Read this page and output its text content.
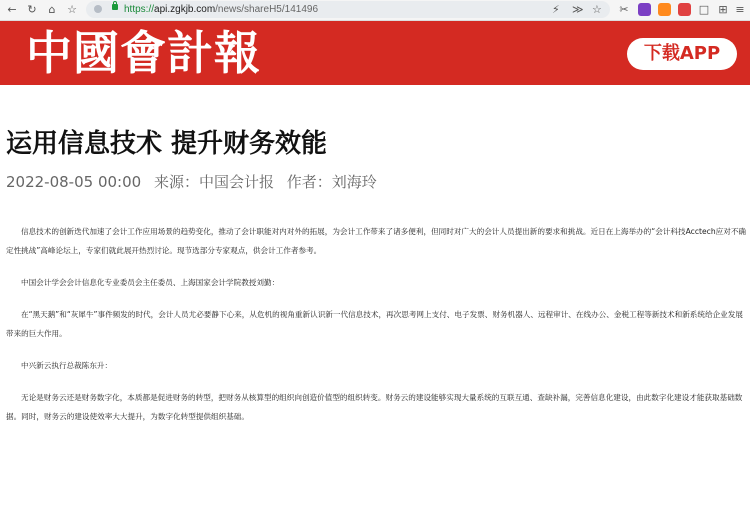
← ↻	⌂	☆	https://api.zgkjb.com/news/shareH5/141496	⚡ ≫ ☆ ✂	□ ⊞ ≡
中國會計報	下载APP
运用信息技术 提升财务效能
2022-08-05 00:00 来源：中国会计报 作者：刘海玲

信息技术的创新迭代加速了会计工作应用场景的趋势变化，推动了会计职能对内对外的拓展，为会计工作带来了诸多便利，但同时对广大的会计人员提出新的要求和挑战。近日在上海举办的“会计科技Acctech应对不确定性挑战”高峰论坛上，专家们就此展开热烈讨论。现节选部分专家观点，供会计工作者参考。

中国会计学会会计信息化专业委员会主任委员、上海国家会计学院教授刘勤：

在“黑天鹅”和“灰犀牛”事件频发的时代，会计人员尤必要静下心来，从危机的视角重新认识新一代信息技术，再次思考网上支付、电子发票、财务机器人、远程审计、在线办公、金税工程等新技术和新系统给企业发展带来的巨大作用。

中兴新云执行总裁陈东升：

无论是财务云还是财务数字化，本质都是促进财务的转型，把财务从核算型的组织向创造价值型的组织转变。财务云的建设能够实现大量系统的互联互通、查缺补漏，完善信息化建设，由此数字化建设才能获取基础数据。同时，财务云的建设使效率大大提升，为数字化转型提供组织基础。
